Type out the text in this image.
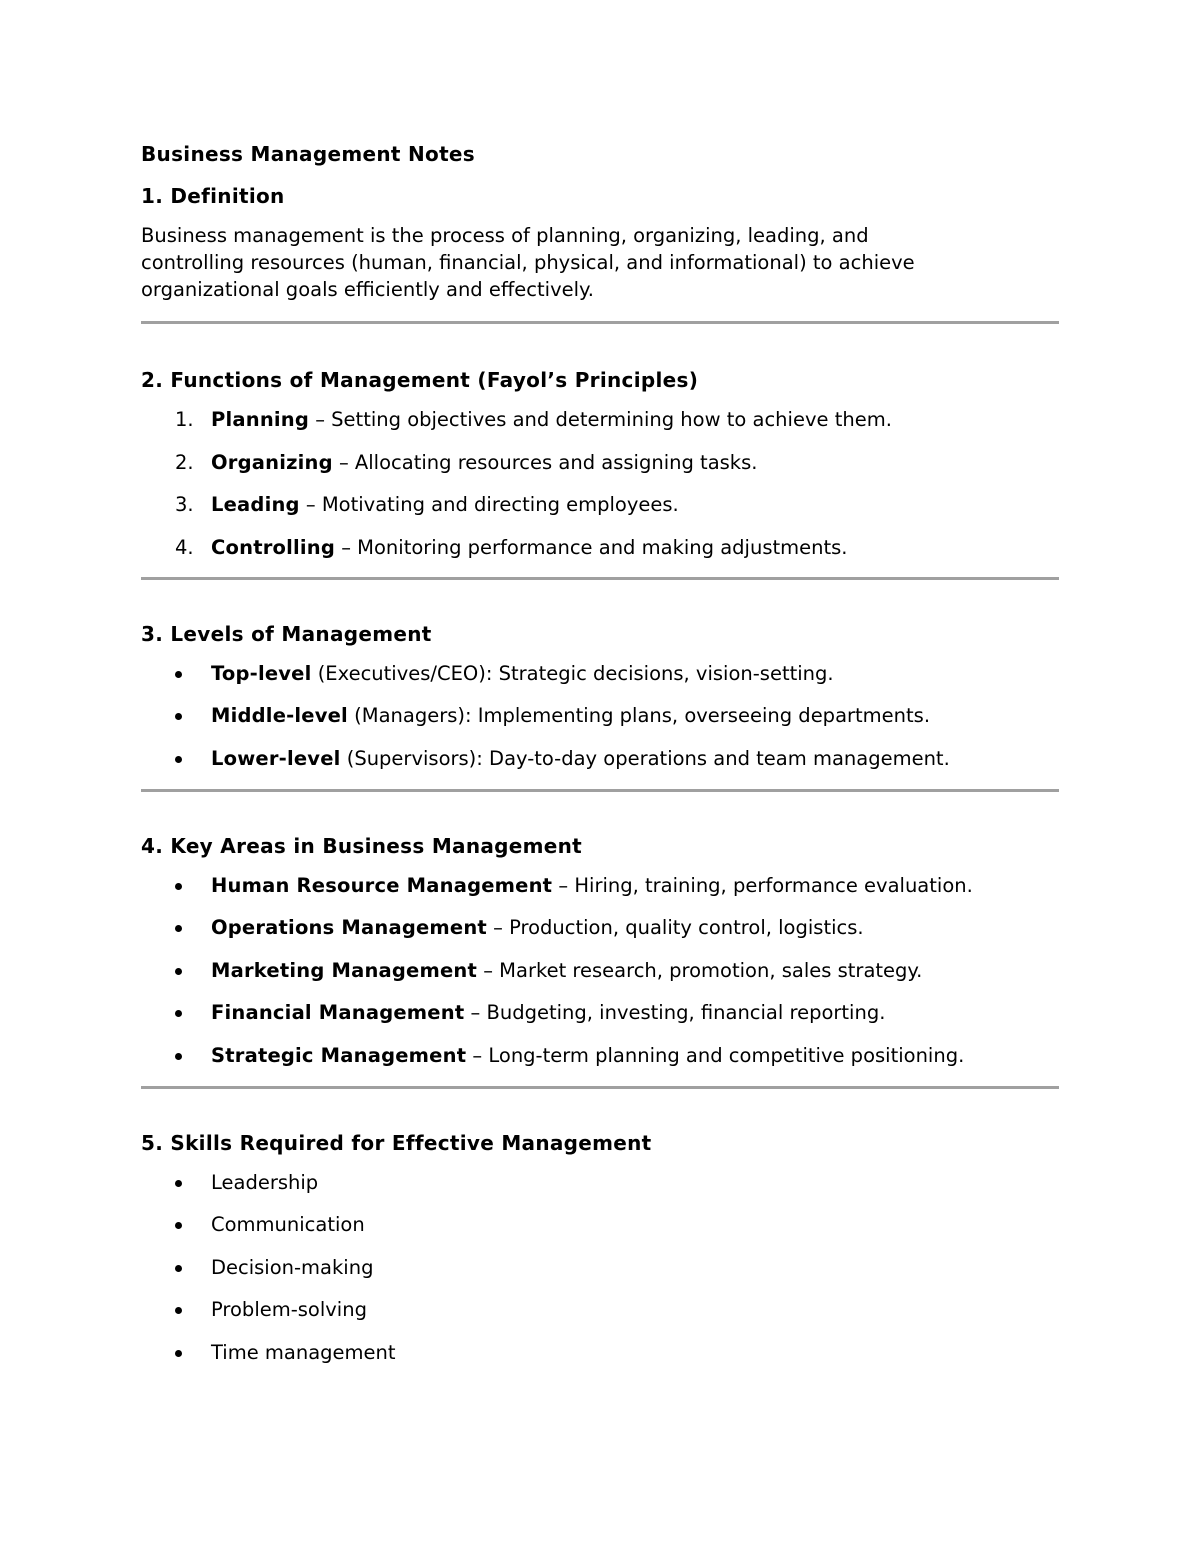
Business Management Notes
1. Definition

Business management is the process of planning, organizing, leading, and
controlling resources (human, financial, physical, and informational) to achieve
organizational goals efficiently and effectively.

2. Functions of Management (Fayol’s Principles)
1. Planning – Setting objectives and determining how to achieve them.
2. Organizing – Allocating resources and assigning tasks.
3. Leading – Motivating and directing employees.
4. Controlling – Monitoring performance and making adjustments.
3. Levels of Management
Top-level (Executives/CEO): Strategic decisions, vision-setting.
Middle-level (Managers): Implementing plans, overseeing departments.
Lower-level (Supervisors): Day-to-day operations and team management.
4. Key Areas in Business Management
Human Resource Management – Hiring, training, performance evaluation.
Operations Management – Production, quality control, logistics.
Marketing Management – Market research, promotion, sales strategy.
Financial Management – Budgeting, investing, financial reporting.
Strategic Management – Long-term planning and competitive positioning.
5. Skills Required for Effective Management
Leadership
Communication
Decision-making
Problem-solving
Time management
